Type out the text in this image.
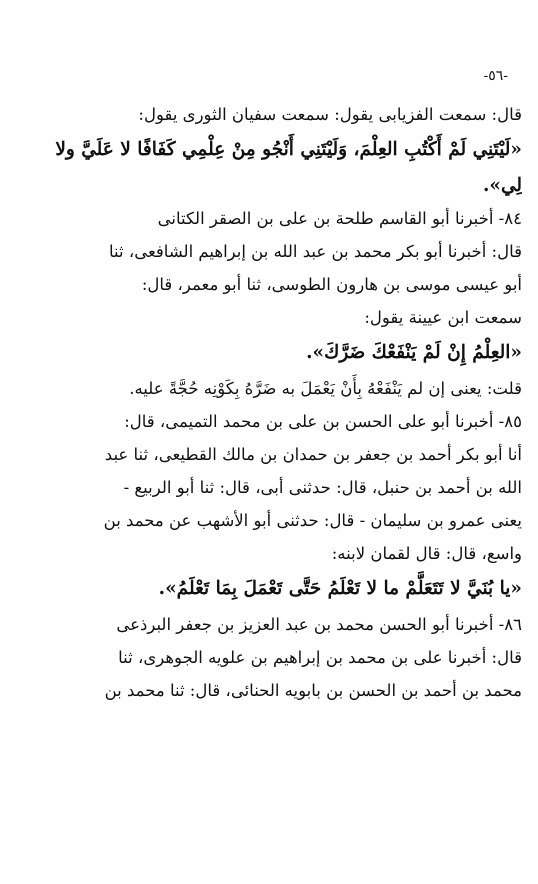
-٥٦-
قال: سمعت الفزيابى يقول: سمعت سفيان الثورى يقول:
«لَيْتَنِي لَمْ أَكْتُبِ العِلْمَ، وَلَيْتَنِي أَنْجُو مِنْ عِلْمِي كَفَافًا لا عَلَيَّ ولا
لِي».
٨٤- أخبرنا أبو القاسم طلحة بن على بن الصقر الكتانى
قال: أخبرنا أبو بكر محمد بن عبد الله بن إبراهيم الشافعى، ثنا
أبو عيسى موسى بن هارون الطوسى، ثنا أبو معمر، قال:
سمعت ابن عيينة يقول:
«العِلْمُ إِنْ لَمْ يَنْفَعْكَ ضَرَّكَ».
قلت: يعنى إن لم يَنْفَعْهُ بِأَنْ يَعْمَلَ به ضَرَّهُ بِكَوْنِه حُجَّةً عليه.
٨٥- أخبرنا أبو على الحسن بن على بن محمد التميمى، قال:
أنا أبو بكر أحمد بن جعفر بن حمدان بن مالك القطيعى، ثنا عبد
الله بن أحمد بن حنبل، قال: حدثنى أبى، قال: ثنا أبو الربيع -
يعنى عمرو بن سليمان - قال: حدثنى أبو الأشهب عن محمد بن
واسع، قال: قال لقمان لابنه:
«يا بُنَيَّ لا تَتَعَلَّمْ ما لا تَعْلَمُ حَتَّى تَعْمَلَ بِمَا تَعْلَمُ».
٨٦- أخبرنا أبو الحسن محمد بن عبد العزيز بن جعفر البرذعى
قال: أخبرنا على بن محمد بن إبراهيم بن علويه الجوهرى، ثنا
محمد بن أحمد بن الحسن بن بابويه الحنائى، قال: ثنا محمد بن
